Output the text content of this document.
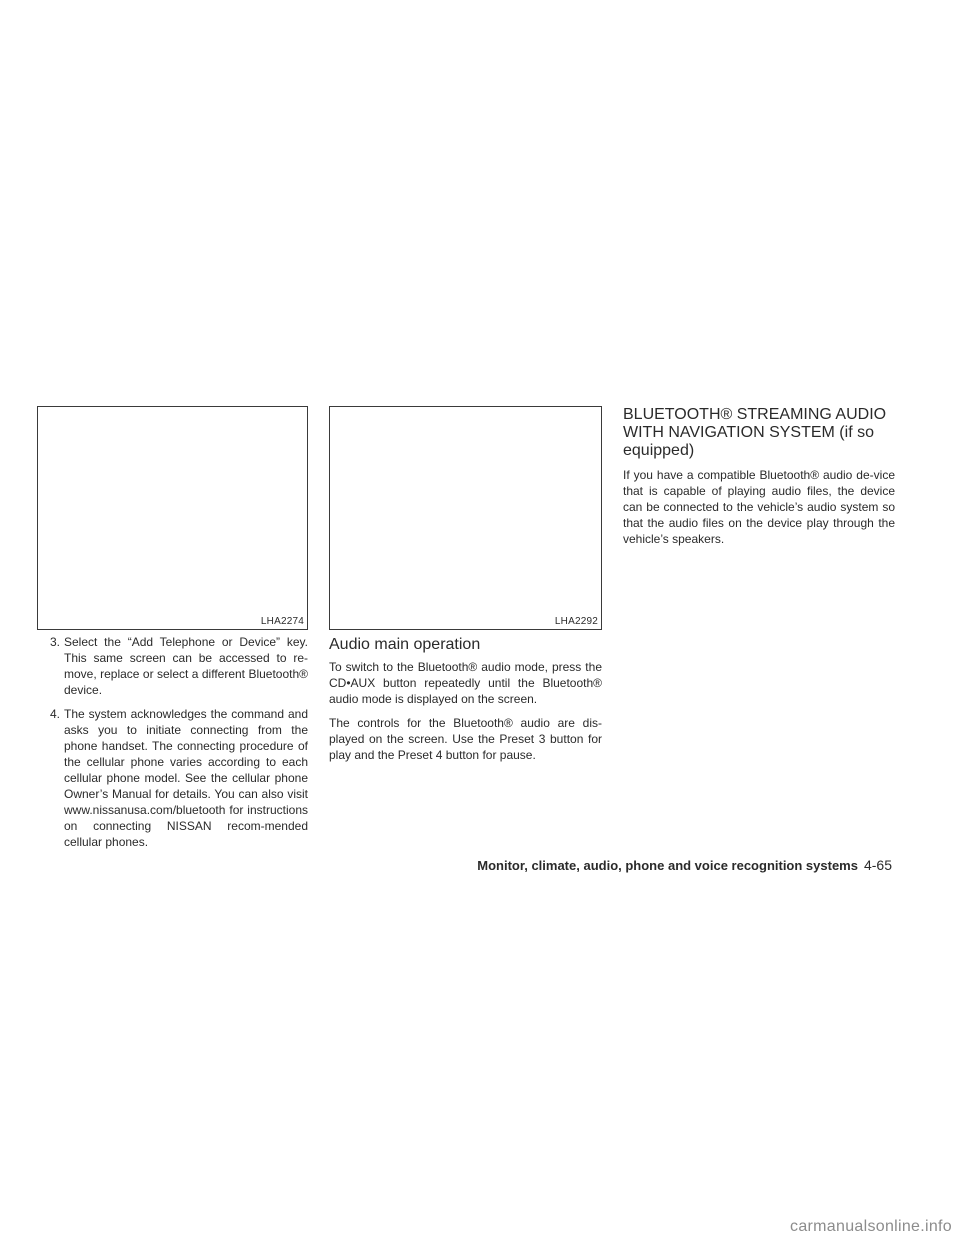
LHA2274	LHA2292
3. Select the “Add Telephone or Device” key. This same screen can be accessed to re-move, replace or select a different Bluetooth® device.
4. The system acknowledges the command and asks you to initiate connecting from the phone handset. The connecting procedure of the cellular phone varies according to each cellular phone model. See the cellular phone Owner’s Manual for details. You can also visit www.nissanusa.com/bluetooth for instructions on connecting NISSAN recom-mended cellular phones.
Audio main operation

To switch to the Bluetooth® audio mode, press the CD•AUX button repeatedly until the Bluetooth® audio mode is displayed on the screen.

The controls for the Bluetooth® audio are dis-played on the screen. Use the Preset 3 button for play and the Preset 4 button for pause.

BLUETOOTH® STREAMING AUDIO WITH NAVIGATION SYSTEM (if so equipped)

If you have a compatible Bluetooth® audio de-vice that is capable of playing audio files, the device can be connected to the vehicle’s audio system so that the audio files on the device play through the vehicle’s speakers.

Monitor, climate, audio, phone and voice recognition systems 4-65
carmanualsonline.info
